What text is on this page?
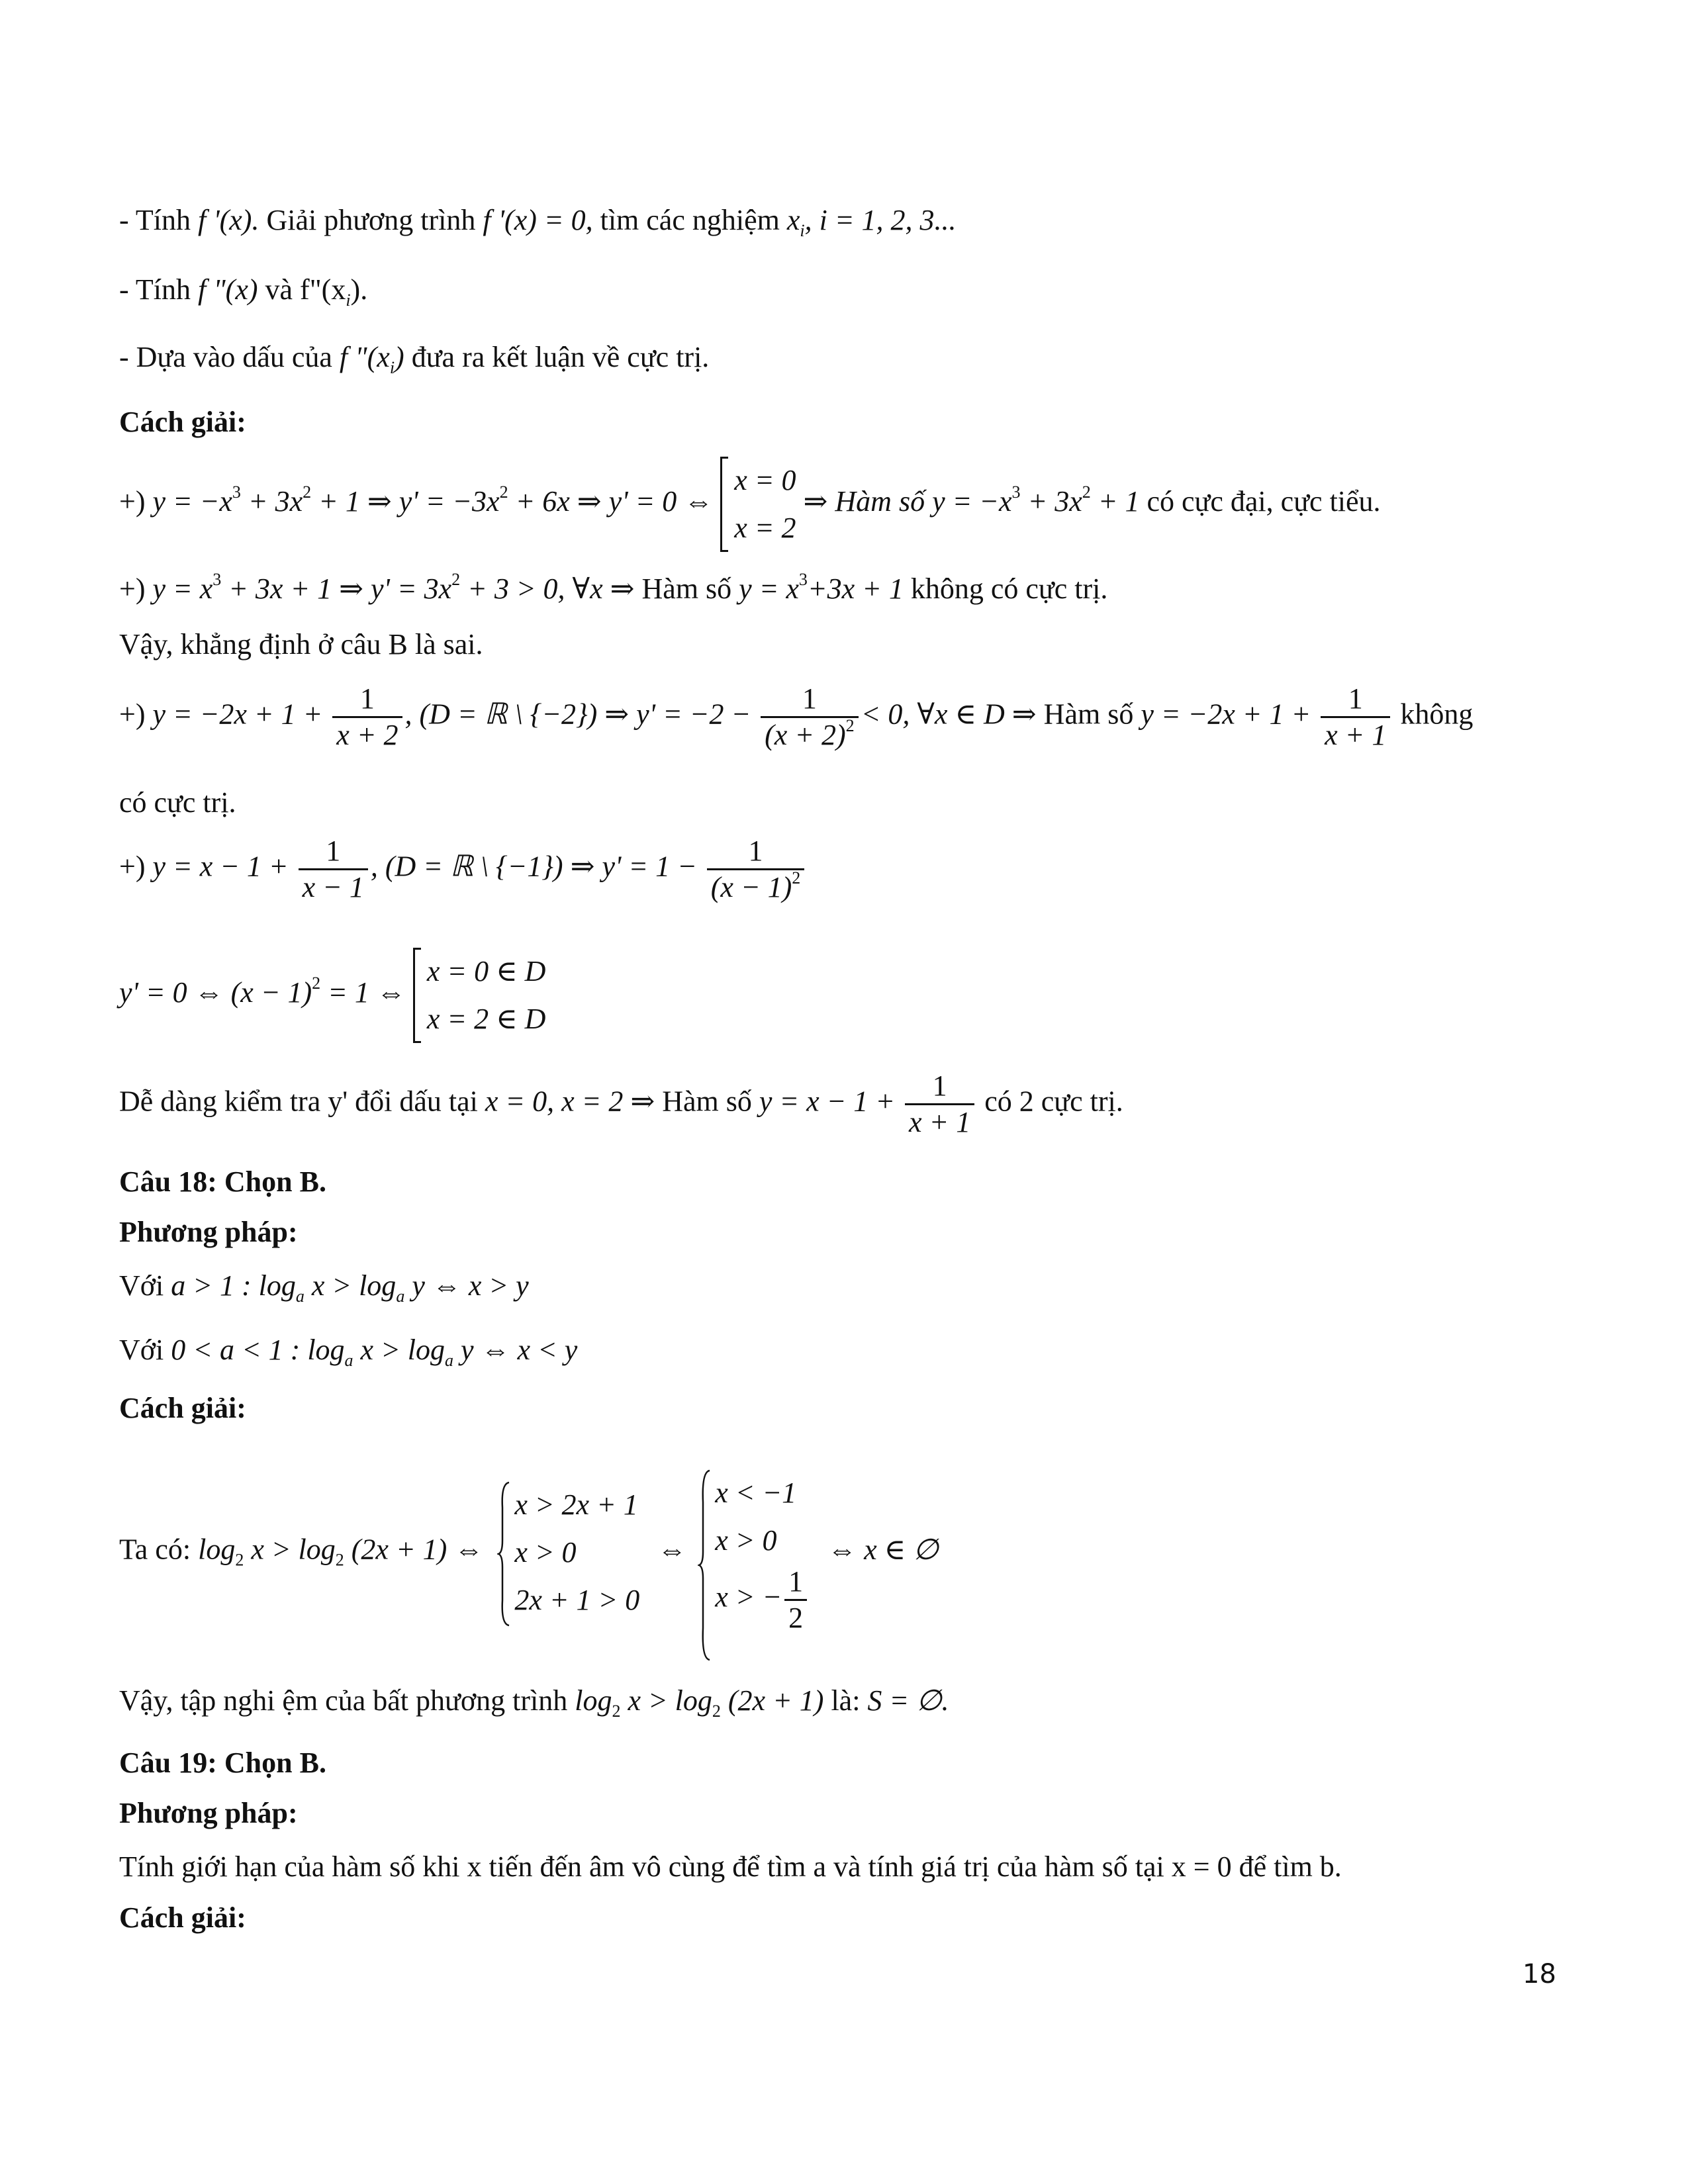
- Tính f '(x). Giải phương trình f '(x) = 0, tìm các nghiệm $x_i$, i = 1, 2, 3...
- Tính f "(x) và $f"(x_i)$.
- Dựa vào dấu của f "$(x_i)$ đưa ra kết luận về cực trị.
Cách giải:
+) $y = -x^3 + 3x^2 + 1$ ⇒ $y' = -3x^2 + 6x$ ⇒ y' = 0 ⇔
x = 0
x = 2
⇒ Hàm số $y = -x^3 + 3x^2 + 1$ có cực đại, cực tiểu.
+) $y = x^3 + 3x + 1$ ⇒ $y' = 3x^2 + 3 > 0$, ∀x ⇒ Hàm số $y = x^3+3x + 1$ không có cực trị.
Vậy, khẳng định ở câu B là sai.
+) $y = -2x + 1 + \frac{1}{x + 2}$ , (D = ℝ \ {−2}) ⇒ $y' = -2 - \frac{1}{(x + 2)^2} < 0$, ∀x ∈ D ⇒ Hàm số $y = -2x + 1 + \frac{1}{x + 1}$ không
có cực trị.
+) $y = x - 1 + \frac{1}{x - 1}$ , (D = ℝ \ {−1}) ⇒ $y' = 1 - \frac{1}{(x - 1)^2}$
y' = 0 ⇔ $(x - 1)^2 = 1$ ⇔
x = 0 ∈ D
x = 2 ∈ D
Dễ dàng kiểm tra y' đổi dấu tại x = 0, x = 2 ⇒ Hàm số $y = x - 1 + \frac{1}{x + 1}$ có 2 cực trị.
Câu 18: Chọn B.
Phương pháp:
Với a > 1 : $\log_a x > \log_a y$ ⇔ x > y
Với 0 < a < 1 : $\log_a x > \log_a y$ ⇔ x < y
Cách giải:
Ta có: $\log_2 x > \log_2 (2x + 1)$ ⇔
x > 2x + 1
x > 0
2x + 1 > 0
⇔
x < −1
x > 0
x > − $\frac{1}{2}$
⇔ x ∈ ∅
Vậy, tập nghi ệm của bất phương trình $\log_2 x > \log_2 (2x + 1)$ là: S = ∅.
Câu 19: Chọn B.
Phương pháp:
Tính giới hạn của hàm số khi x tiến đến âm vô cùng để tìm a và tính giá trị của hàm số tại x = 0 để tìm b.
Cách giải:
18
